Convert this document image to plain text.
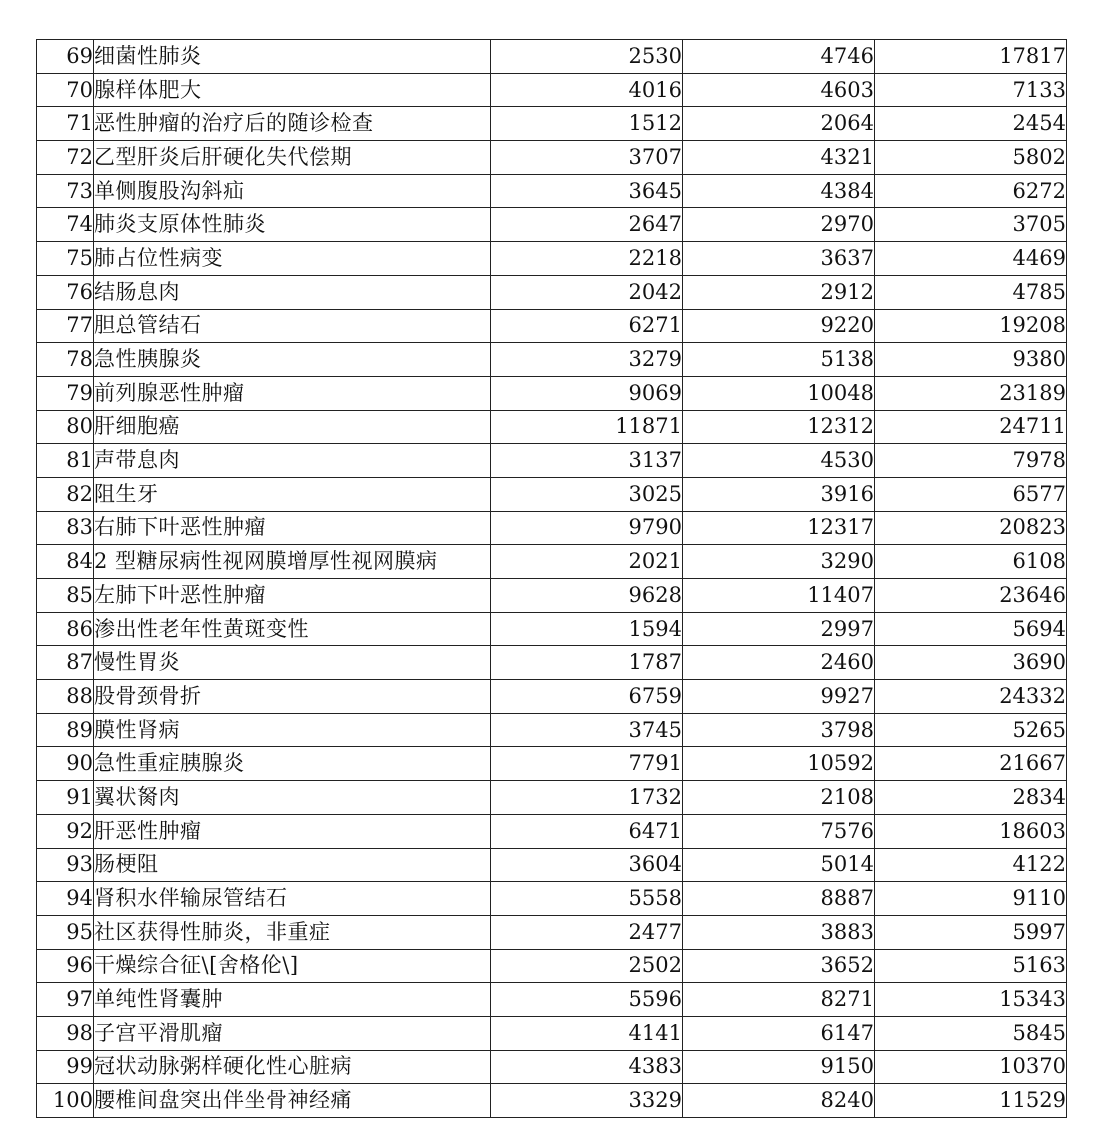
69	细菌性肺炎	2530	4746	17817
70	腺样体肥大	4016	4603	7133
71	恶性肿瘤的治疗后的随诊检查	1512	2064	2454
72	乙型肝炎后肝硬化失代偿期	3707	4321	5802
73	单侧腹股沟斜疝	3645	4384	6272
74	肺炎支原体性肺炎	2647	2970	3705
75	肺占位性病变	2218	3637	4469
76	结肠息肉	2042	2912	4785
77	胆总管结石	6271	9220	19208
78	急性胰腺炎	3279	5138	9380
79	前列腺恶性肿瘤	9069	10048	23189
80	肝细胞癌	11871	12312	24711
81	声带息肉	3137	4530	7978
82	阻生牙	3025	3916	6577
83	右肺下叶恶性肿瘤	9790	12317	20823
84	2 型糖尿病性视网膜增厚性视网膜病	2021	3290	6108
85	左肺下叶恶性肿瘤	9628	11407	23646
86	渗出性老年性黄斑变性	1594	2997	5694
87	慢性胃炎	1787	2460	3690
88	股骨颈骨折	6759	9927	24332
89	膜性肾病	3745	3798	5265
90	急性重症胰腺炎	7791	10592	21667
91	翼状胬肉	1732	2108	2834
92	肝恶性肿瘤	6471	7576	18603
93	肠梗阻	3604	5014	4122
94	肾积水伴输尿管结石	5558	8887	9110
95	社区获得性肺炎，非重症	2477	3883	5997
96	干燥综合征\[舍格伦\]	2502	3652	5163
97	单纯性肾囊肿	5596	8271	15343
98	子宫平滑肌瘤	4141	6147	5845
99	冠状动脉粥样硬化性心脏病	4383	9150	10370
100	腰椎间盘突出伴坐骨神经痛	3329	8240	11529
